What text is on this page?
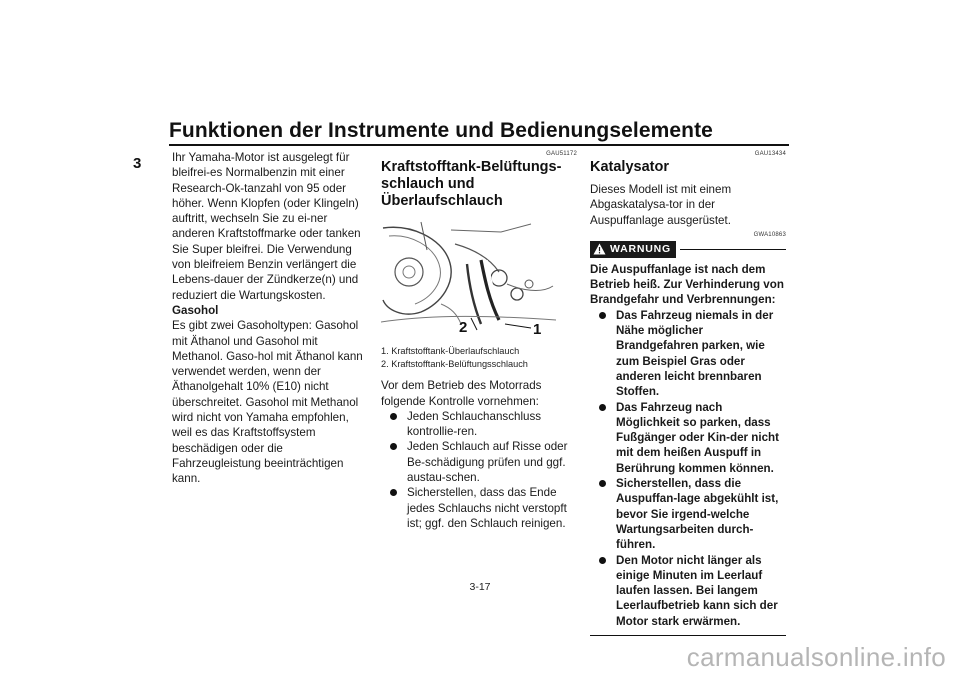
Funktionen der Instrumente und Bedienungselemente
3	Ihr Yamaha-Motor ist ausgelegt für bleifrei-es Normalbenzin mit einer Research-Ok-tanzahl von 95 oder höher. Wenn Klopfen (oder Klingeln) auftritt, wechseln Sie zu ei-ner anderen Kraftstoffmarke oder tanken Sie Super bleifrei. Die Verwendung von bleifreiem Benzin verlängert die Lebens-dauer der Zündkerze(n) und reduziert die Wartungskosten.

Gasohol

Es gibt zwei Gasoholtypen: Gasohol mit Äthanol und Gasohol mit Methanol. Gaso-hol mit Äthanol kann verwendet werden, wenn der Äthanolgehalt 10% (E10) nicht überschreitet. Gasohol mit Methanol wird nicht von Yamaha empfohlen, weil es das Kraftstoffsystem beschädigen oder die Fahrzeugleistung beeinträchtigen kann.

GAU51172

Kraftstofftank-Belüftungs-schlauch und Überlaufschlauch

2	1

1. Kraftstofftank-Überlaufschlauch

2. Kraftstofftank-Belüftungsschlauch

Vor dem Betrieb des Motorrads folgende Kontrolle vornehmen:

Jeden Schlauchanschluss kontrollie-ren.
Jeden Schlauch auf Risse oder Be-schädigung prüfen und ggf. austau-schen.
Sicherstellen, dass das Ende jedes Schlauchs nicht verstopft ist; ggf. den Schlauch reinigen.

GAU13434

Katalysator

Dieses Modell ist mit einem Abgaskatalysa-tor in der Auspuffanlage ausgerüstet.

GWA10863

WARNUNG

Die Auspuffanlage ist nach dem Betrieb heiß. Zur Verhinderung von Brandgefahr und Verbrennungen:

Das Fahrzeug niemals in der Nähe möglicher Brandgefahren parken, wie zum Beispiel Gras oder anderen leicht brennbaren Stoffen.
Das Fahrzeug nach Möglichkeit so parken, dass Fußgänger oder Kin-der nicht mit dem heißen Auspuff in Berührung kommen können.
Sicherstellen, dass die Auspuffan-lage abgekühlt ist, bevor Sie irgend-welche Wartungsarbeiten durch-führen.
Den Motor nicht länger als einige Minuten im Leerlauf laufen lassen. Bei langem Leerlaufbetrieb kann sich der Motor stark erwärmen.
3-17
carmanualsonline.info
